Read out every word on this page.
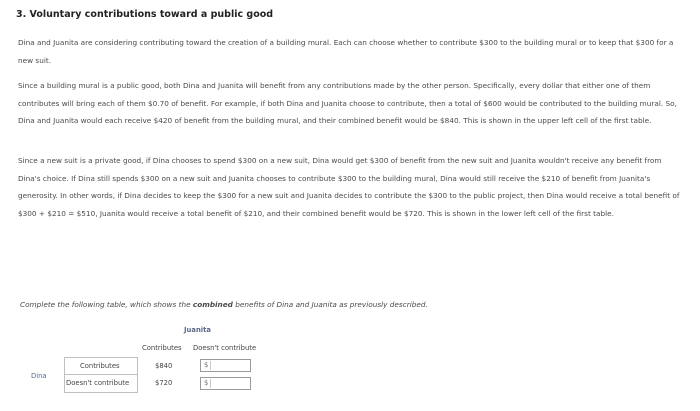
3. Voluntary contributions toward a public good

Dina and Juanita are considering contributing toward the creation of a building mural. Each can choose whether to contribute $300 to the building mural or to keep that $300 for a new suit.

Since a building mural is a public good, both Dina and Juanita will benefit from any contributions made by the other person. Specifically, every dollar that either one of them contributes will bring each of them $0.70 of benefit. For example, if both Dina and Juanita choose to contribute, then a total of $600 would be contributed to the building mural. So, Dina and Juanita would each receive $420 of benefit from the building mural, and their combined benefit would be $840. This is shown in the upper left cell of the first table.

Since a new suit is a private good, if Dina chooses to spend $300 on a new suit, Dina would get $300 of benefit from the new suit and Juanita wouldn't receive any benefit from Dina's choice. If Dina still spends $300 on a new suit and Juanita chooses to contribute $300 to the building mural, Dina would still receive the $210 of benefit from Juanita's generosity. In other words, if Dina decides to keep the $300 for a new suit and Juanita decides to contribute the $300 to the public project, then Dina would receive a total benefit of $300 + $210 = $510, Juanita would receive a total benefit of $210, and their combined benefit would be $720. This is shown in the lower left cell of the first table.

Complete the following table, which shows the combined benefits of Dina and Juanita as previously described.

Juanita
Contributes Doesn't contribute
Dina
Contributes
Doesn't contribute
$840
$720
$
$
